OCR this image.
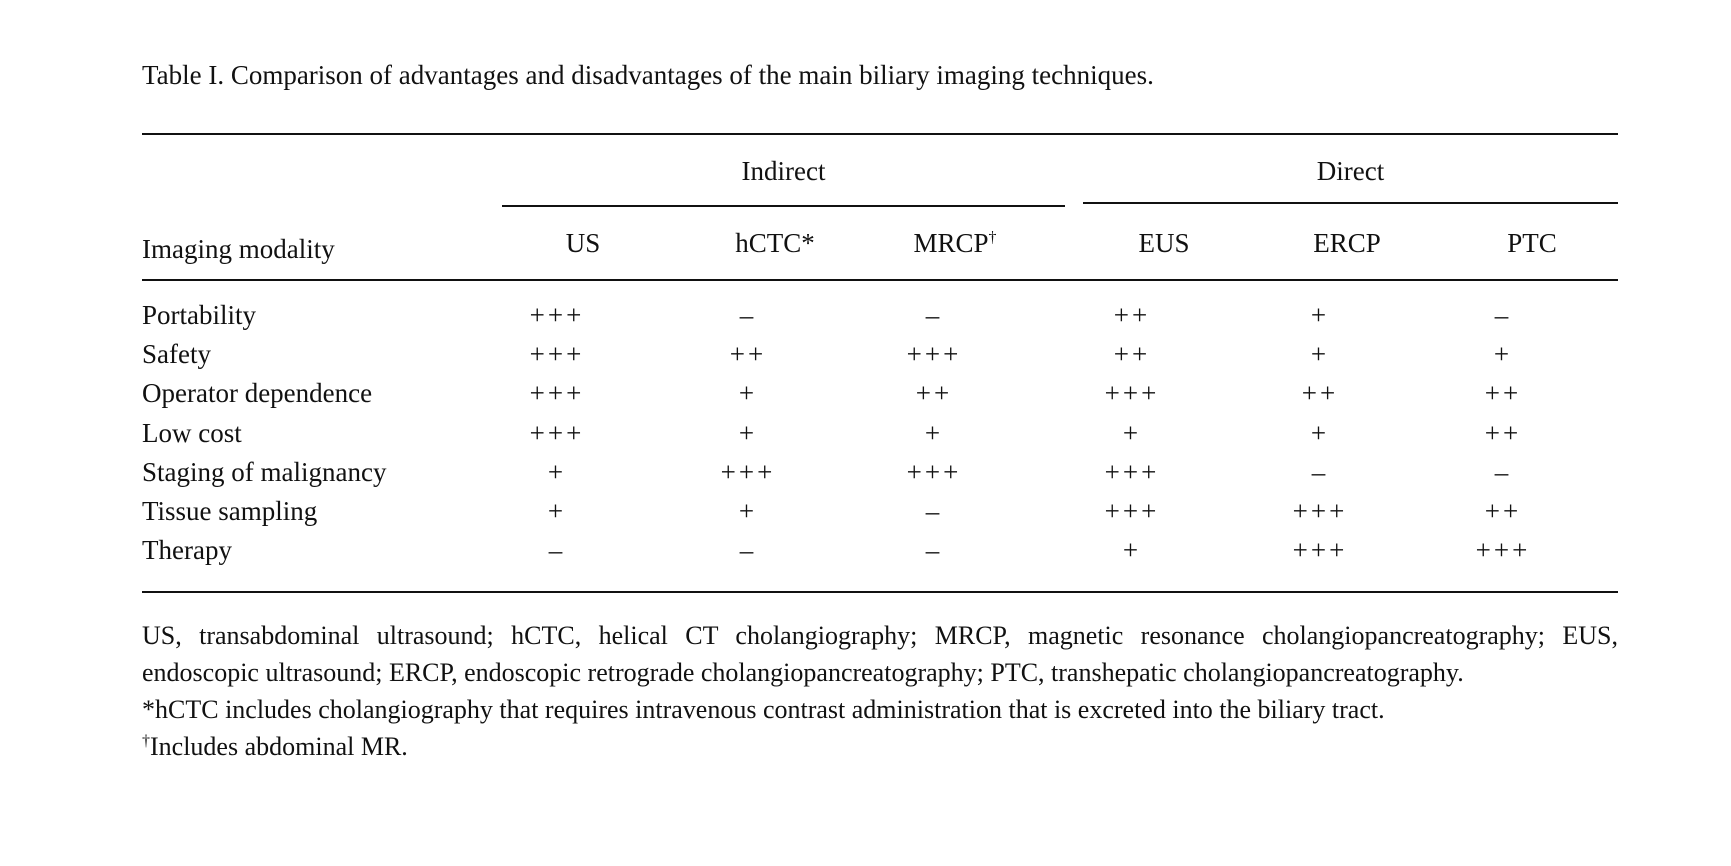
Table I. Comparison of advantages and disadvantages of the main biliary imaging techniques.
Indirect	Direct
Imaging modality	US	hCTC*	MRCP†	EUS	ERCP	PTC
Portability	+++	–	–	++	+	–
Safety	+++	++	+++	++	+	+
Operator dependence	+++	+	++	+++	++	++
Low cost	+++	+	+	+	+	++
Staging of malignancy	+	+++	+++	+++	–	–
Tissue sampling	+	+	–	+++	+++	++
Therapy	–	–	–	+	+++	+++
US, transabdominal ultrasound; hCTC, helical CT cholangiography; MRCP, magnetic resonance cholangiopancreatography; EUS,
endoscopic ultrasound; ERCP, endoscopic retrograde cholangiopancreatography; PTC, transhepatic cholangiopancreatography.
*hCTC includes cholangiography that requires intravenous contrast administration that is excreted into the biliary tract.
†Includes abdominal MR.
